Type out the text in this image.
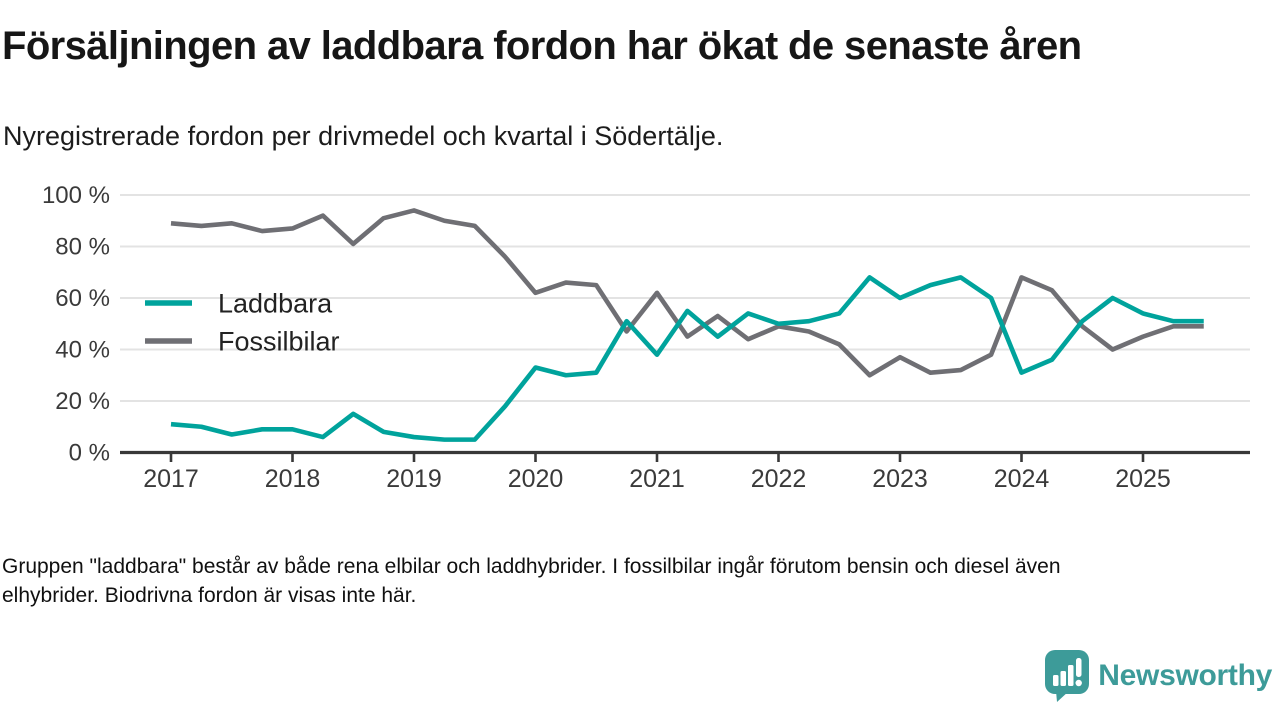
Försäljningen av laddbara fordon har ökat de senaste åren
Nyregistrerade fordon per drivmedel och kvartal i Södertälje.
0 %
20 %
40 %
60 %
80 %
100 %
2017	2018	2019	2020	2021	2022	2023	2024	2025
Laddbara
Fossilbilar
Gruppen "laddbara" består av både rena elbilar och laddhybrider. I fossilbilar ingår förutom bensin och diesel även
elhybrider. Biodrivna fordon är visas inte här.
Newsworthy
